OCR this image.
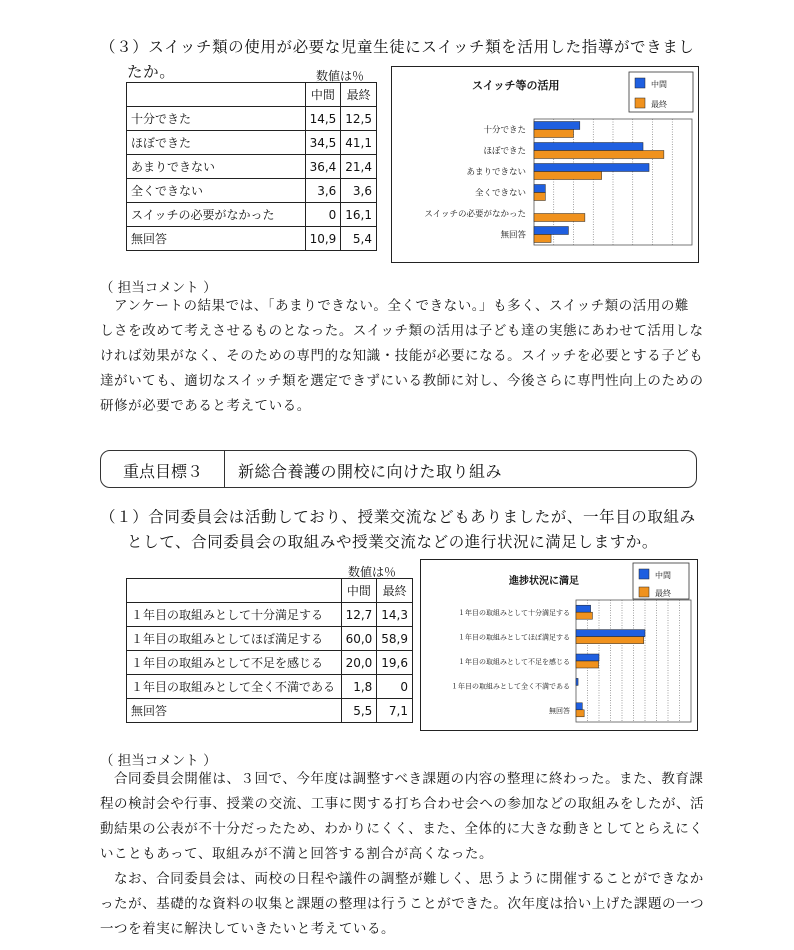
（３）スイッチ類の使用が必要な児童生徒にスイッチ類を活用した指導ができまし
たか。	数値は％
	中間	最終
十分できた	14,5	12,5
ほぼできた	34,5	41,1
あまりできない	36,4	21,4
全くできない	3,6	3,6
スイッチの必要がなかった	0	16,1
無回答	10,9	5,4
スイッチ等の活用	中間
最終
十分できた
ほぼできた
あまりできない
全くできない
スイッチの必要がなかった
無回答
（ 担当コメント ）
アンケートの結果では、「あまりできない。全くできない。」も多く、スイッチ類の活用の難
しさを改めて考えさせるものとなった。スイッチ類の活用は子ども達の実態にあわせて活用しな
ければ効果がなく、そのための専門的な知識・技能が必要になる。スイッチを必要とする子ども
達がいても、適切なスイッチ類を選定できずにいる教師に対し、今後さらに専門性向上のための
研修が必要であると考えている。
重点目標３ 新総合養護の開校に向けた取り組み
（１）合同委員会は活動しており、授業交流などもありましたが、一年目の取組み
として、合同委員会の取組みや授業交流などの進行状況に満足しますか。
数値は％
	中間	最終
１年目の取組みとして十分満足する	12,7	14,3
１年目の取組みとしてほぼ満足する	60,0	58,9
１年目の取組みとして不足を感じる	20,0	19,6
１年目の取組みとして全く不満である	1,8	0
無回答	5,5	7,1
進捗状況に満足
中間
最終
１年目の取組みとして十分満足する
１年目の取組みとしてほぼ満足する
１年目の取組みとして不足を感じる
１年目の取組みとして全く不満である
無回答
（ 担当コメント ）
合同委員会開催は、３回で、今年度は調整すべき課題の内容の整理に終わった。また、教育課
程の検討会や行事、授業の交流、工事に関する打ち合わせ会への参加などの取組みをしたが、活
動結果の公表が不十分だったため、わかりにくく、また、全体的に大きな動きとしてとらえにく
いこともあって、取組みが不満と回答する割合が高くなった。
なお、合同委員会は、両校の日程や議件の調整が難しく、思うように開催することができなか
ったが、基礎的な資料の収集と課題の整理は行うことができた。次年度は拾い上げた課題の一つ
一つを着実に解決していきたいと考えている。
